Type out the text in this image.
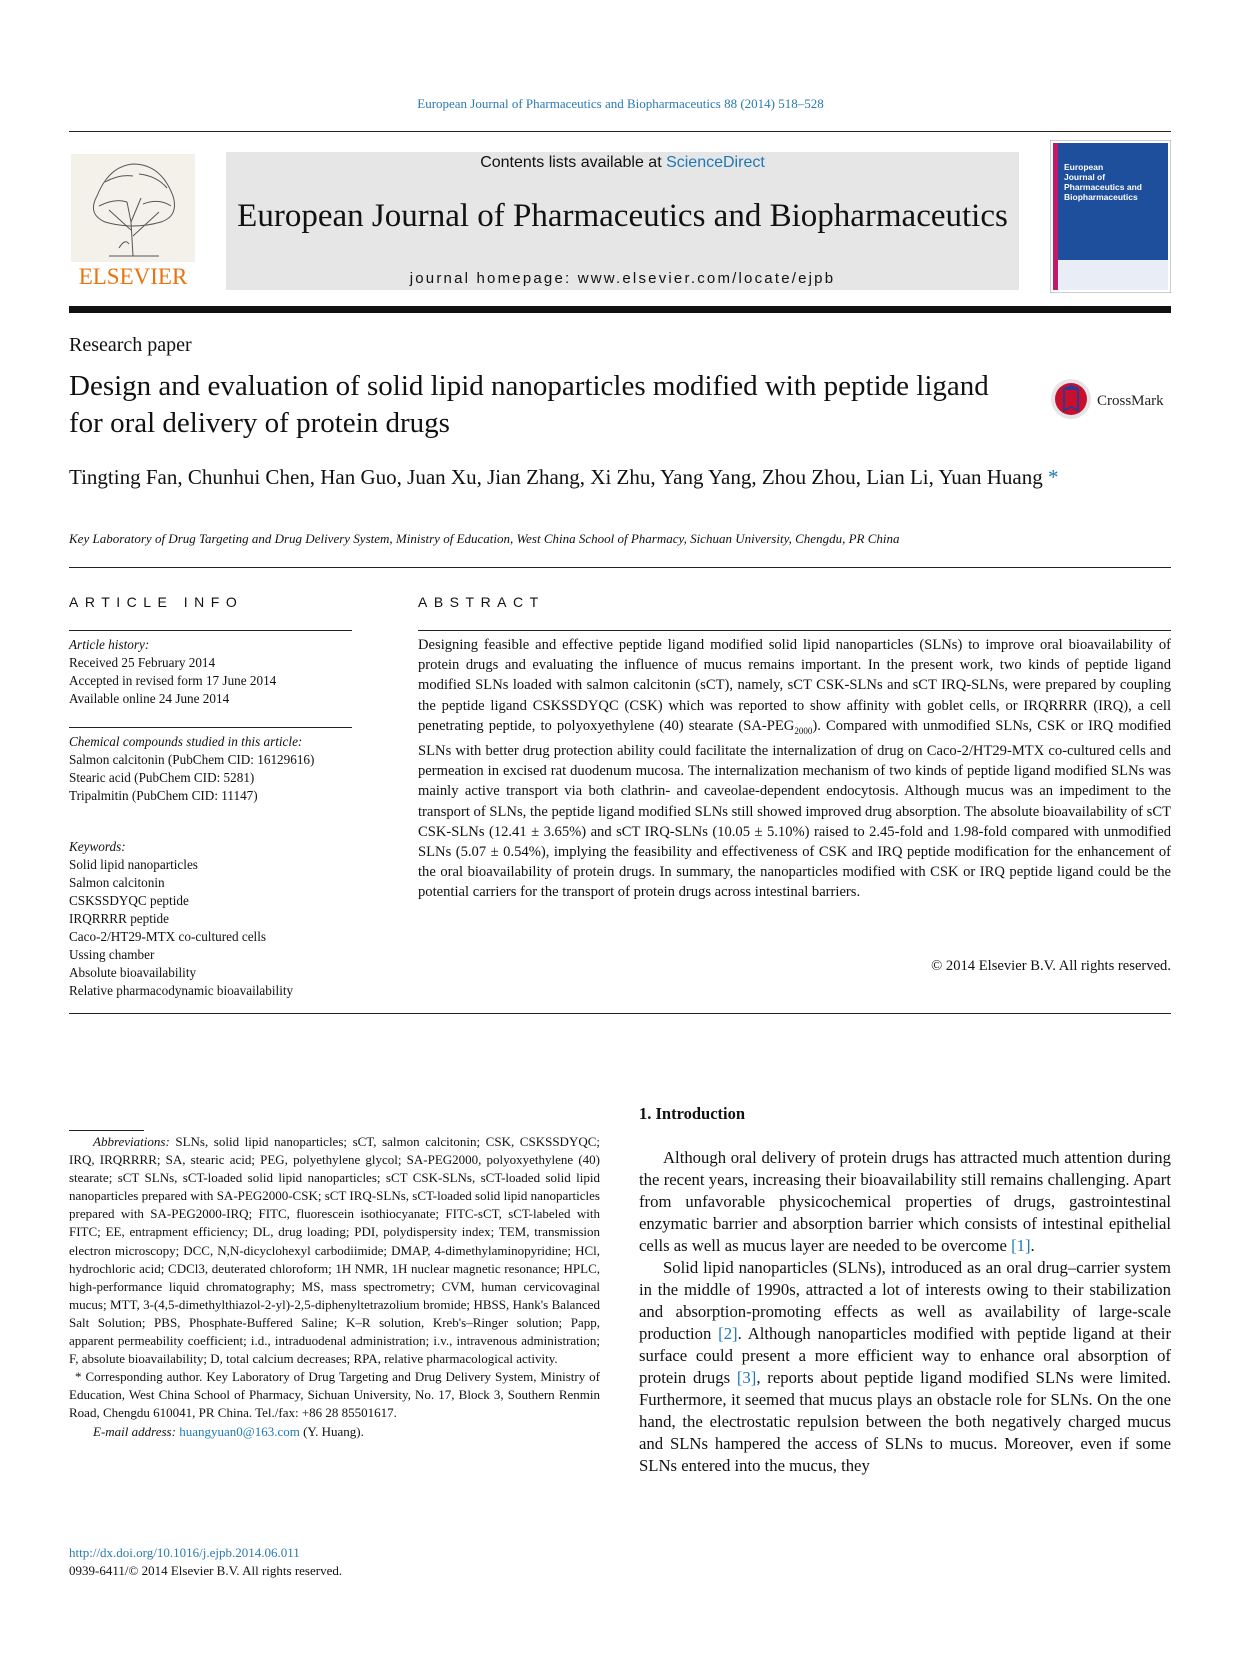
European Journal of Pharmaceutics and Biopharmaceutics 88 (2014) 518–528
ELSEVIER
Contents lists available at ScienceDirect
European Journal of Pharmaceutics and Biopharmaceutics
journal homepage: www.elsevier.com/locate/ejpb
European
Journal of
Pharmaceutics and
Biopharmaceutics
Research paper
Design and evaluation of solid lipid nanoparticles modified with peptide ligand for oral delivery of protein drugs
CrossMark
Tingting Fan, Chunhui Chen, Han Guo, Juan Xu, Jian Zhang, Xi Zhu, Yang Yang, Zhou Zhou, Lian Li, Yuan Huang *
Key Laboratory of Drug Targeting and Drug Delivery System, Ministry of Education, West China School of Pharmacy, Sichuan University, Chengdu, PR China
ARTICLE INFO
Article history:
Received 25 February 2014
Accepted in revised form 17 June 2014
Available online 24 June 2014
Chemical compounds studied in this article:
Salmon calcitonin (PubChem CID: 16129616)
Stearic acid (PubChem CID: 5281)
Tripalmitin (PubChem CID: 11147)
Keywords:
Solid lipid nanoparticles
Salmon calcitonin
CSKSSDYQC peptide
IRQRRRR peptide
Caco-2/HT29-MTX co-cultured cells
Ussing chamber
Absolute bioavailability
Relative pharmacodynamic bioavailability
ABSTRACT
Designing feasible and effective peptide ligand modified solid lipid nanoparticles (SLNs) to improve oral bioavailability of protein drugs and evaluating the influence of mucus remains important. In the present work, two kinds of peptide ligand modified SLNs loaded with salmon calcitonin (sCT), namely, sCT CSK-SLNs and sCT IRQ-SLNs, were prepared by coupling the peptide ligand CSKSSDYQC (CSK) which was reported to show affinity with goblet cells, or IRQRRRR (IRQ), a cell penetrating peptide, to polyoxyethylene (40) stearate $(SA-PEG_{2000})$. Compared with unmodified SLNs, CSK or IRQ modified SLNs with better drug protection ability could facilitate the internalization of drug on Caco-2/HT29-MTX co-cultured cells and permeation in excised rat duodenum mucosa. The internalization mechanism of two kinds of peptide ligand modified SLNs was mainly active transport via both clathrin- and caveolae-dependent endocytosis. Although mucus was an impediment to the transport of SLNs, the peptide ligand modified SLNs still showed improved drug absorption. The absolute bioavailability of sCT CSK-SLNs (12.41 ± 3.65%) and sCT IRQ-SLNs (10.05 ± 5.10%) raised to 2.45-fold and 1.98-fold compared with unmodified SLNs (5.07 ± 0.54%), implying the feasibility and effectiveness of CSK and IRQ peptide modification for the enhancement of the oral bioavailability of protein drugs. In summary, the nanoparticles modified with CSK or IRQ peptide ligand could be the potential carriers for the transport of protein drugs across intestinal barriers.
© 2014 Elsevier B.V. All rights reserved.
Abbreviations: SLNs, solid lipid nanoparticles; sCT, salmon calcitonin; CSK, CSKSSDYQC; IRQ, IRQRRRR; SA, stearic acid; PEG, polyethylene glycol; SA-PEG2000, polyoxyethylene (40) stearate; sCT SLNs, sCT-loaded solid lipid nanoparticles; sCT CSK-SLNs, sCT-loaded solid lipid nanoparticles prepared with SA-PEG2000-CSK; sCT IRQ-SLNs, sCT-loaded solid lipid nanoparticles prepared with SA-PEG2000-IRQ; FITC, fluorescein isothiocyanate; FITC-sCT, sCT-labeled with FITC; EE, entrapment efficiency; DL, drug loading; PDI, polydispersity index; TEM, transmission electron microscopy; DCC, N,N-dicyclohexyl carbodiimide; DMAP, 4-dimethylaminopyridine; HCl, hydrochloric acid; CDCl3, deuterated chloroform; 1H NMR, 1H nuclear magnetic resonance; HPLC, high-performance liquid chromatography; MS, mass spectrometry; CVM, human cervicovaginal mucus; MTT, 3-(4,5-dimethylthiazol-2-yl)-2,5-diphenyltetrazolium bromide; HBSS, Hank's Balanced Salt Solution; PBS, Phosphate-Buffered Saline; K–R solution, Kreb's–Ringer solution; Papp, apparent permeability coefficient; i.d., intraduodenal administration; i.v., intravenous administration; F, absolute bioavailability; D, total calcium decreases; RPA, relative pharmacological activity.
* Corresponding author. Key Laboratory of Drug Targeting and Drug Delivery System, Ministry of Education, West China School of Pharmacy, Sichuan University, No. 17, Block 3, Southern Renmin Road, Chengdu 610041, PR China. Tel./fax: +86 28 85501617.
E-mail address: huangyuan0@163.com (Y. Huang).
http://dx.doi.org/10.1016/j.ejpb.2014.06.011
0939-6411/© 2014 Elsevier B.V. All rights reserved.
1. Introduction

Although oral delivery of protein drugs has attracted much attention during the recent years, increasing their bioavailability still remains challenging. Apart from unfavorable physicochemical properties of drugs, gastrointestinal enzymatic barrier and absorption barrier which consists of intestinal epithelial cells as well as mucus layer are needed to be overcome [1].

Solid lipid nanoparticles (SLNs), introduced as an oral drug–carrier system in the middle of 1990s, attracted a lot of interests owing to their stabilization and absorption-promoting effects as well as availability of large-scale production [2]. Although nanoparticles modified with peptide ligand at their surface could present a more efficient way to enhance oral absorption of protein drugs [3], reports about peptide ligand modified SLNs were limited. Furthermore, it seemed that mucus plays an obstacle role for SLNs. On the one hand, the electrostatic repulsion between the both negatively charged mucus and SLNs hampered the access of SLNs to mucus. Moreover, even if some SLNs entered into the mucus, they
